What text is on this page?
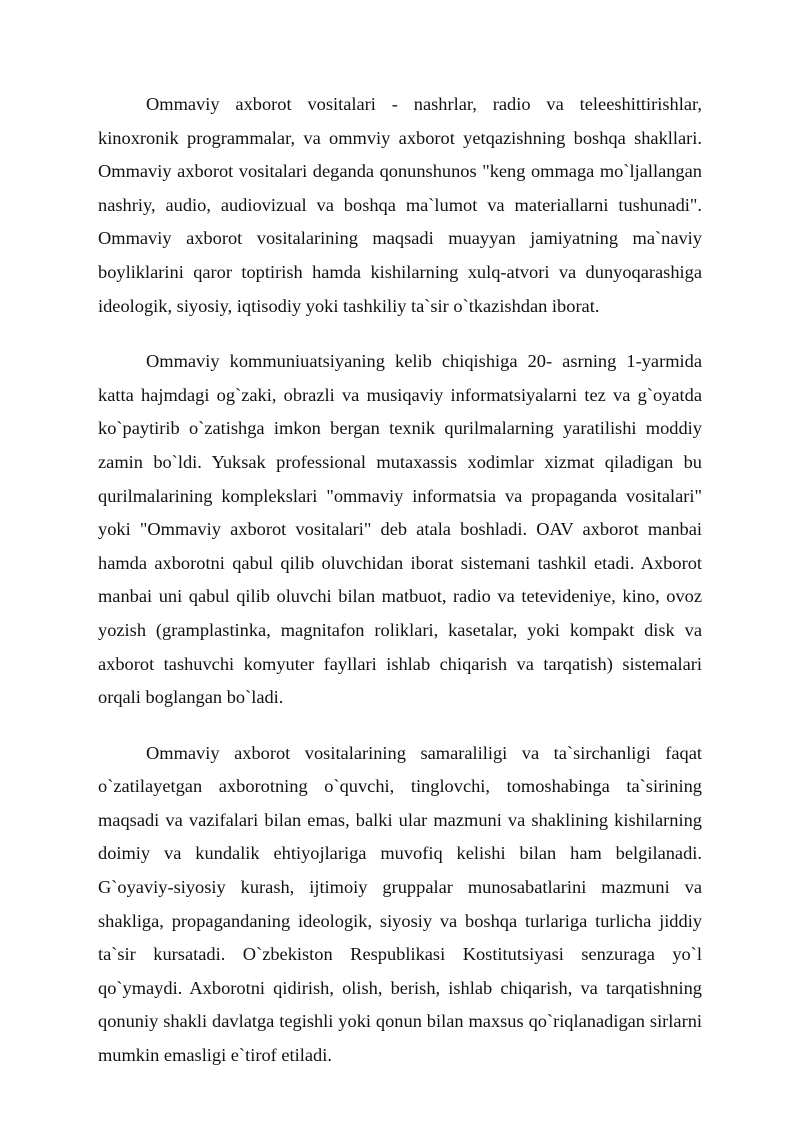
Ommaviy axborot vositalari - nashrlar, radio va teleeshittirishlar, kinoxronik programmalar, va ommviy axborot yetqazishning boshqa shakllari. Ommaviy axborot vositalari deganda qonunshunos "keng ommaga mo`ljallangan nashriy, audio, audiovizual va boshqa ma`lumot va materiallarni tushunadi". Ommaviy axborot vositalarining maqsadi muayyan jamiyatning ma`naviy boyliklarini qaror toptirish hamda kishilarning xulq-atvori va dunyoqarashiga ideologik, siyosiy, iqtisodiy yoki tashkiliy ta`sir o`tkazishdan iborat.

Ommaviy kommuniuatsiyaning kelib chiqishiga 20- asrning 1-yarmida katta hajmdagi og`zaki, obrazli va musiqaviy informatsiyalarni tez va g`oyatda ko`paytirib o`zatishga imkon bergan texnik qurilmalarning yaratilishi moddiy zamin bo`ldi. Yuksak professional mutaxassis xodimlar xizmat qiladigan bu qurilmalarining komplekslari "ommaviy informatsia va propaganda vositalari" yoki "Ommaviy axborot vositalari" deb atala boshladi. OAV axborot manbai hamda axborotni qabul qilib oluvchidan iborat sistemani tashkil etadi. Axborot manbai uni qabul qilib oluvchi bilan matbuot, radio va tetevideniye, kino, ovoz yozish (gramplastinka, magnitafon roliklari, kasetalar, yoki kompakt disk va axborot tashuvchi komyuter fayllari ishlab chiqarish va tarqatish) sistemalari orqali boglangan bo`ladi.

Ommaviy axborot vositalarining samaraliligi va ta`sirchanligi faqat o`zatilayetgan axborotning o`quvchi, tinglovchi, tomoshabinga ta`sirining maqsadi va vazifalari bilan emas, balki ular mazmuni va shaklining kishilarning doimiy va kundalik ehtiyojlariga muvofiq kelishi bilan ham belgilanadi. G`oyaviy-siyosiy kurash, ijtimoiy gruppalar munosabatlarini mazmuni va shakliga, propagandaning ideologik, siyosiy va boshqa turlariga turlicha jiddiy ta`sir kursatadi. O`zbekiston Respublikasi Kostitutsiyasi senzuraga yo`l qo`ymaydi. Axborotni qidirish, olish, berish, ishlab chiqarish, va tarqatishning qonuniy shakli davlatga tegishli yoki qonun bilan maxsus qo`riqlanadigan sirlarni mumkin emasligi e`tirof etiladi.
